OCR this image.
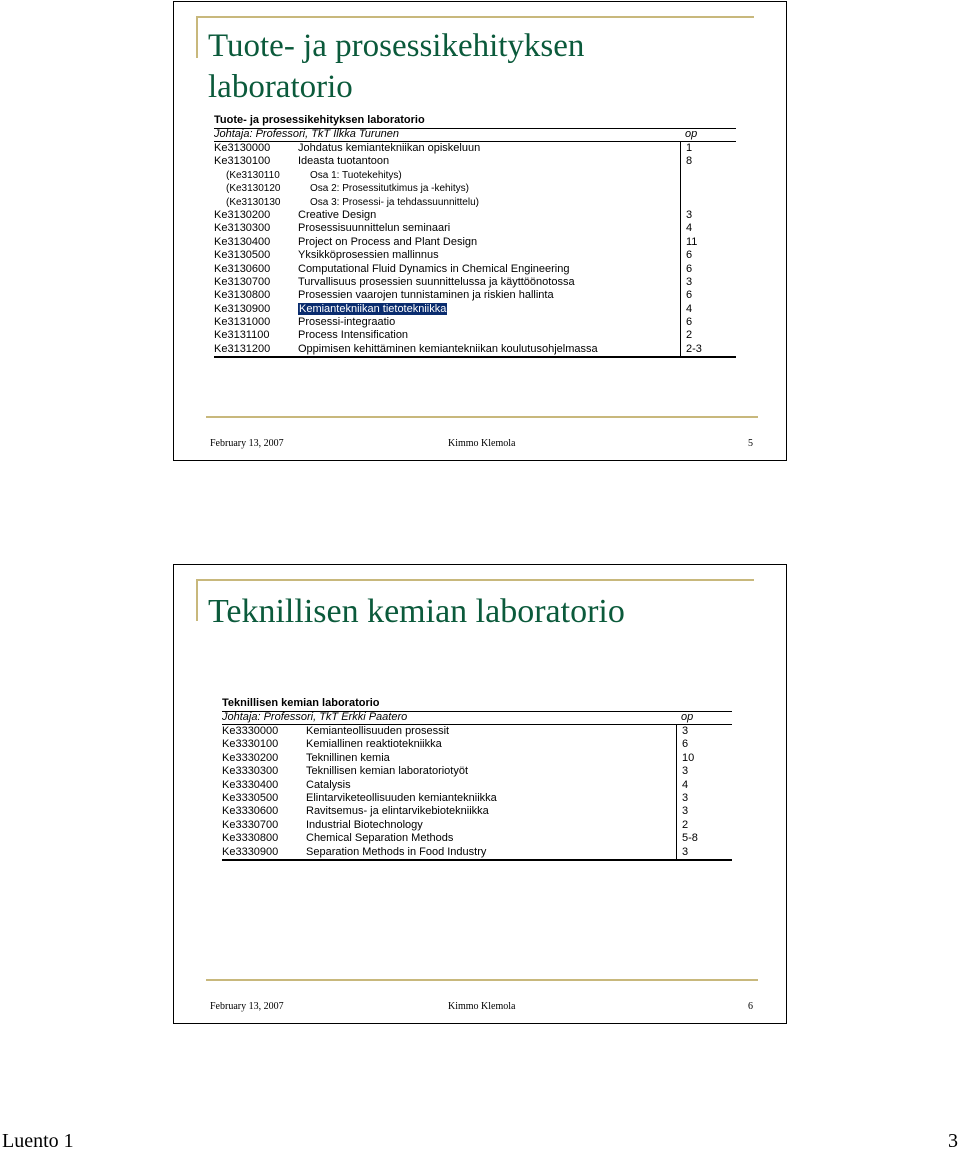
Tuote- ja prosessikehityksen
laboratorio
Tuote- ja prosessikehityksen laboratorio
Johtaja: Professori, TkT Ilkka Turunen	op
Ke3130000	Johdatus kemiantekniikan opiskeluun	1
Ke3130100	Ideasta tuotantoon	8
(Ke3130110	Osa 1: Tuotekehitys)
(Ke3130120	Osa 2: Prosessitutkimus ja -kehitys)
(Ke3130130	Osa 3: Prosessi- ja tehdassuunnittelu)
Ke3130200	Creative Design	3
Ke3130300	Prosessisuunnittelun seminaari	4
Ke3130400	Project on Process and Plant Design	11
Ke3130500	Yksikköprosessien mallinnus	6
Ke3130600	Computational Fluid Dynamics in Chemical Engineering	6
Ke3130700	Turvallisuus prosessien suunnittelussa ja käyttöönotossa	3
Ke3130800	Prosessien vaarojen tunnistaminen ja riskien hallinta	6
Ke3130900	Kemiantekniikan tietotekniikka	4
Ke3131000	Prosessi-integraatio	6
Ke3131100	Process Intensification	2
Ke3131200	Oppimisen kehittäminen kemiantekniikan koulutusohjelmassa	2-3
February 13, 2007	Kimmo Klemola	5
Teknillisen kemian laboratorio
Teknillisen kemian laboratorio
Johtaja: Professori, TkT Erkki Paatero	op
Ke3330000	Kemianteollisuuden prosessit	3
Ke3330100	Kemiallinen reaktiotekniikka	6
Ke3330200	Teknillinen kemia	10
Ke3330300	Teknillisen kemian laboratoriotyöt	3
Ke3330400	Catalysis	4
Ke3330500	Elintarviketeollisuuden kemiantekniikka	3
Ke3330600	Ravitsemus- ja elintarvikebiotekniikka	3
Ke3330700	Industrial Biotechnology	2
Ke3330800	Chemical Separation Methods	5-8
Ke3330900	Separation Methods in Food Industry	3
February 13, 2007	Kimmo Klemola	6
Luento 1	3
